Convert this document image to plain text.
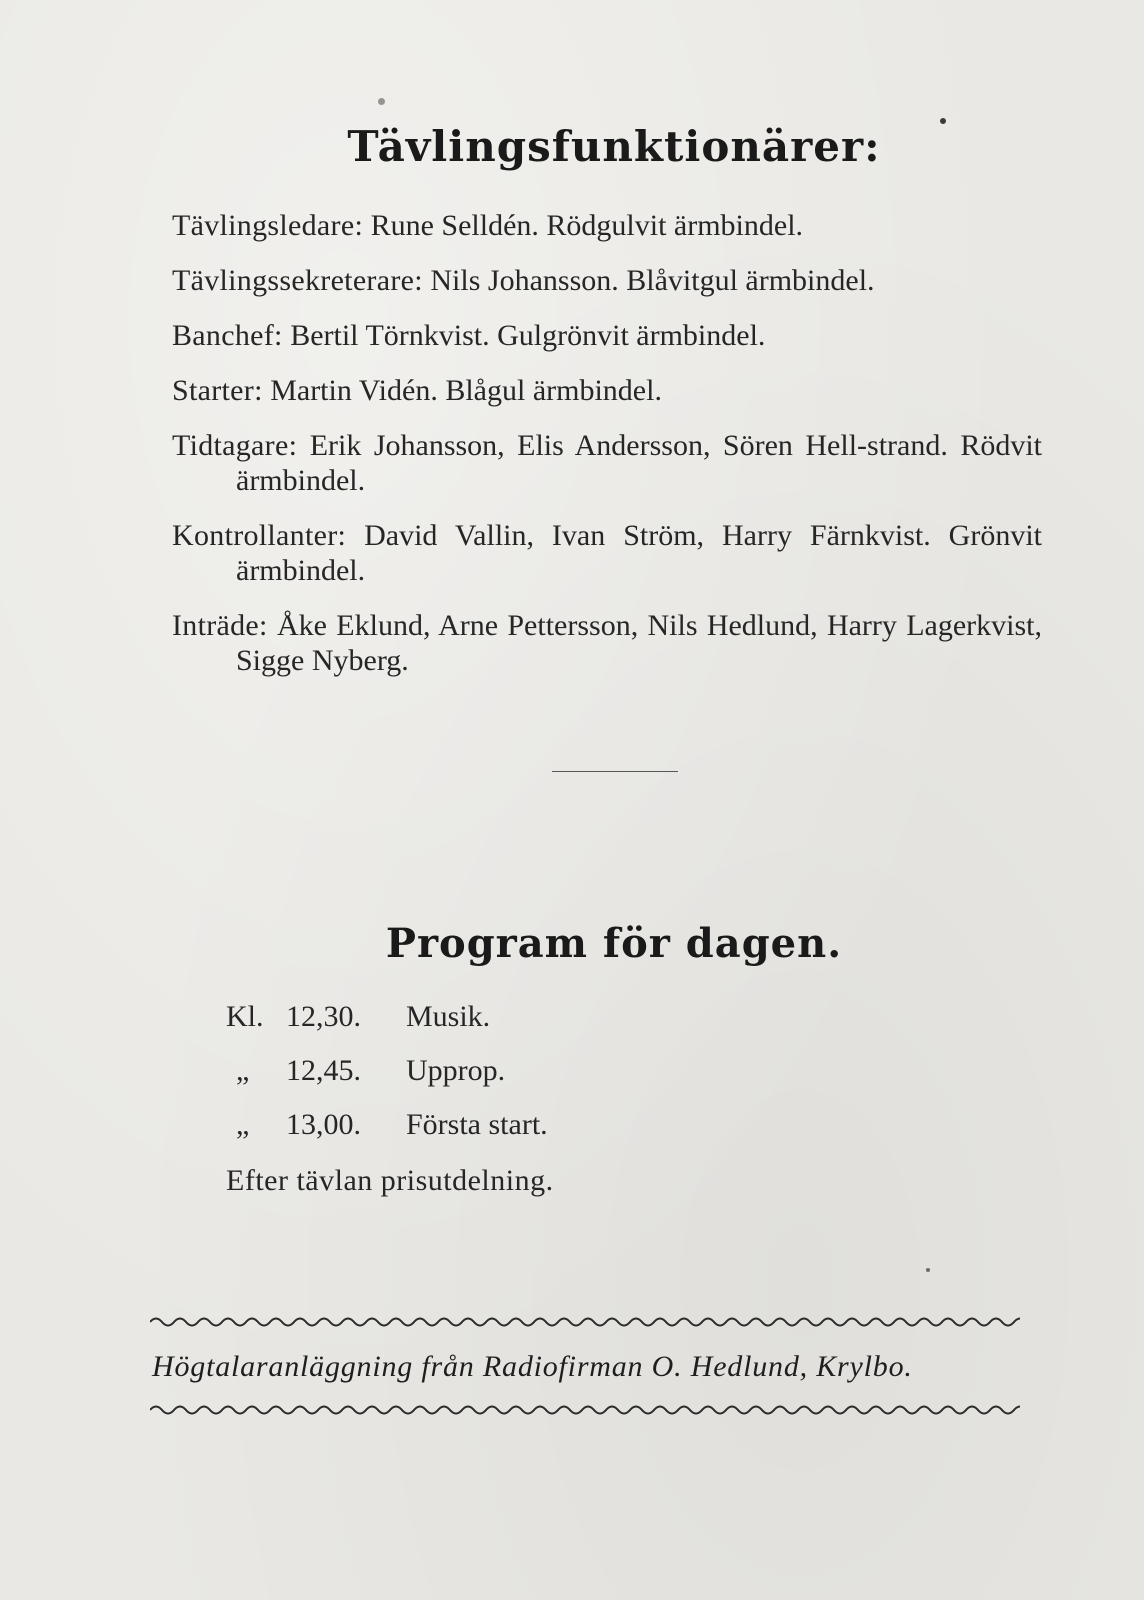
Tävlingsfunktionärer:
Tävlingsledare: Rune Selldén. Rödgulvit ärmbindel.
Tävlingssekreterare: Nils Johansson. Blåvitgul ärmbindel.
Banchef: Bertil Törnkvist. Gulgrönvit ärmbindel.
Starter: Martin Vidén. Blågul ärmbindel.
Tidtagare: Erik Johansson, Elis Andersson, Sören Hell-strand. Rödvit ärmbindel.
Kontrollanter: David Vallin, Ivan Ström, Harry Färnkvist. Grönvit ärmbindel.
Inträde: Åke Eklund, Arne Pettersson, Nils Hedlund, Harry Lagerkvist, Sigge Nyberg.
Program för dagen.
Kl. 12,30. Musik.
„ 12,45. Upprop.
„ 13,00. Första start.
Efter tävlan prisutdelning.
Högtalaranläggning från Radiofirman O. Hedlund, Krylbo.
